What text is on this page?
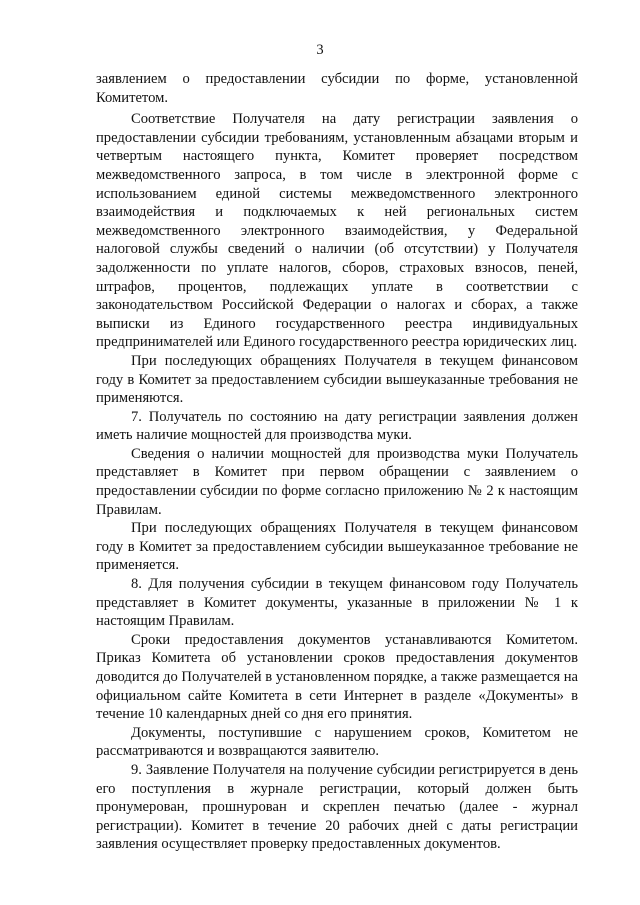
3

заявлением о предоставлении субсидии по форме, установленной Комитетом.

Соответствие Получателя на дату регистрации заявления о предоставлении субсидии требованиям, установленным абзацами вторым и четвертым настоящего пункта, Комитет проверяет посредством межведомственного запроса, в том числе в электронной форме с использованием единой системы межведомственного электронного взаимодействия и подключаемых к ней региональных систем межведомственного электронного взаимодействия, у Федеральной налоговой службы сведений о наличии (об отсутствии) у Получателя задолженности по уплате налогов, сборов, страховых взносов, пеней, штрафов, процентов, подлежащих уплате в соответствии с законодательством Российской Федерации о налогах и сборах, а также выписки из Единого государственного реестра индивидуальных предпринимателей или Единого государственного реестра юридических лиц.

При последующих обращениях Получателя в текущем финансовом году в Комитет за предоставлением субсидии вышеуказанные требования не применяются.

7. Получатель по состоянию на дату регистрации заявления должен иметь наличие мощностей для производства муки.

Сведения о наличии мощностей для производства муки Получатель представляет в Комитет при первом обращении с заявлением о предоставлении субсидии по форме согласно приложению № 2 к настоящим Правилам.

При последующих обращениях Получателя в текущем финансовом году в Комитет за предоставлением субсидии вышеуказанное требование не применяется.

8. Для получения субсидии в текущем финансовом году Получатель представляет в Комитет документы, указанные в приложении № 1 к настоящим Правилам.

Сроки предоставления документов устанавливаются Комитетом. Приказ Комитета об установлении сроков предоставления документов доводится до Получателей в установленном порядке, а также размещается на официальном сайте Комитета в сети Интернет в разделе «Документы» в течение 10 календарных дней со дня его принятия.

Документы, поступившие с нарушением сроков, Комитетом не рассматриваются и возвращаются заявителю.

9. Заявление Получателя на получение субсидии регистрируется в день его поступления в журнале регистрации, который должен быть пронумерован, прошнурован и скреплен печатью (далее - журнал регистрации). Комитет в течение 20 рабочих дней с даты регистрации заявления осуществляет проверку предоставленных документов.
